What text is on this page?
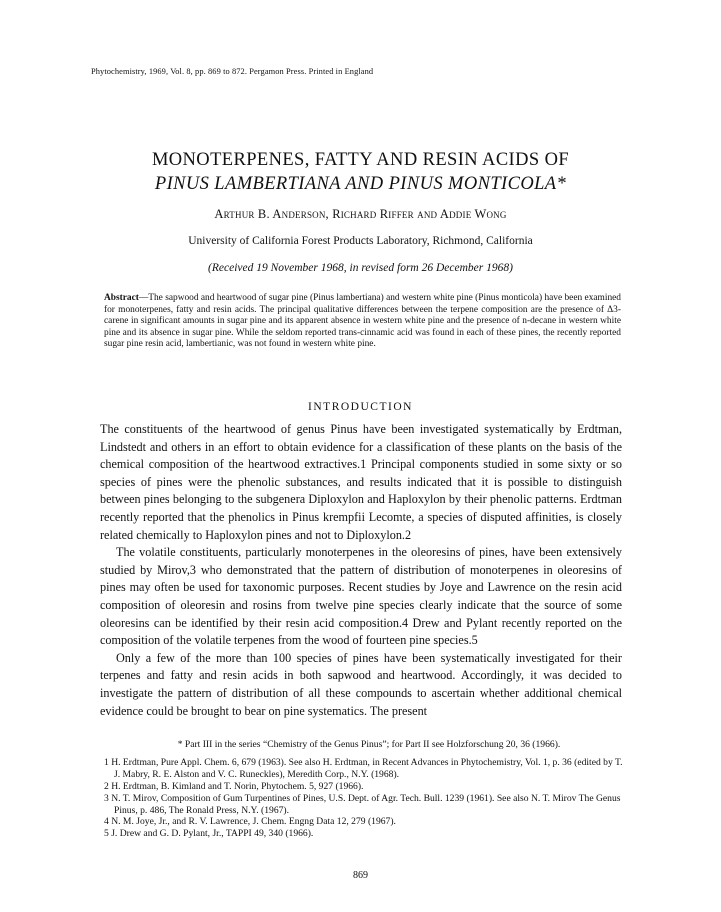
Phytochemistry, 1969, Vol. 8, pp. 869 to 872. Pergamon Press. Printed in England
MONOTERPENES, FATTY AND RESIN ACIDS OF
PINUS LAMBERTIANA AND PINUS MONTICOLA*
Arthur B. Anderson, Richard Riffer and Addie Wong
University of California Forest Products Laboratory, Richmond, California
(Received 19 November 1968, in revised form 26 December 1968)
Abstract—The sapwood and heartwood of sugar pine (Pinus lambertiana) and western white pine (Pinus monticola) have been examined for monoterpenes, fatty and resin acids. The principal qualitative differences between the terpene composition are the presence of Δ3-carene in significant amounts in sugar pine and its apparent absence in western white pine and the presence of n-decane in western white pine and its absence in sugar pine. While the seldom reported trans-cinnamic acid was found in each of these pines, the recently reported sugar pine resin acid, lambertianic, was not found in western white pine.
INTRODUCTION

The constituents of the heartwood of genus Pinus have been investigated systematically by Erdtman, Lindstedt and others in an effort to obtain evidence for a classification of these plants on the basis of the chemical composition of the heartwood extractives.1 Principal components studied in some sixty or so species of pines were the phenolic substances, and results indicated that it is possible to distinguish between pines belonging to the subgenera Diploxylon and Haploxylon by their phenolic patterns. Erdtman recently reported that the phenolics in Pinus krempfii Lecomte, a species of disputed affinities, is closely related chemically to Haploxylon pines and not to Diploxylon.2

The volatile constituents, particularly monoterpenes in the oleoresins of pines, have been extensively studied by Mirov,3 who demonstrated that the pattern of distribution of monoterpenes in oleoresins of pines may often be used for taxonomic purposes. Recent studies by Joye and Lawrence on the resin acid composition of oleoresin and rosins from twelve pine species clearly indicate that the source of some oleoresins can be identified by their resin acid composition.4 Drew and Pylant recently reported on the composition of the volatile terpenes from the wood of fourteen pine species.5

Only a few of the more than 100 species of pines have been systematically investigated for their terpenes and fatty and resin acids in both sapwood and heartwood. Accordingly, it was decided to investigate the pattern of distribution of all these compounds to ascertain whether additional chemical evidence could be brought to bear on pine systematics. The present

* Part III in the series “Chemistry of the Genus Pinus”; for Part II see Holzforschung 20, 36 (1966).
1 H. Erdtman, Pure Appl. Chem. 6, 679 (1963). See also H. Erdtman, in Recent Advances in Phytochemistry, Vol. 1, p. 36 (edited by T. J. Mabry, R. E. Alston and V. C. Runeckles), Meredith Corp., N.Y. (1968).
2 H. Erdtman, B. Kimland and T. Norin, Phytochem. 5, 927 (1966).
3 N. T. Mirov, Composition of Gum Turpentines of Pines, U.S. Dept. of Agr. Tech. Bull. 1239 (1961). See also N. T. Mirov The Genus Pinus, p. 486, The Ronald Press, N.Y. (1967).
4 N. M. Joye, Jr., and R. V. Lawrence, J. Chem. Engng Data 12, 279 (1967).
5 J. Drew and G. D. Pylant, Jr., TAPPI 49, 340 (1966).
869
